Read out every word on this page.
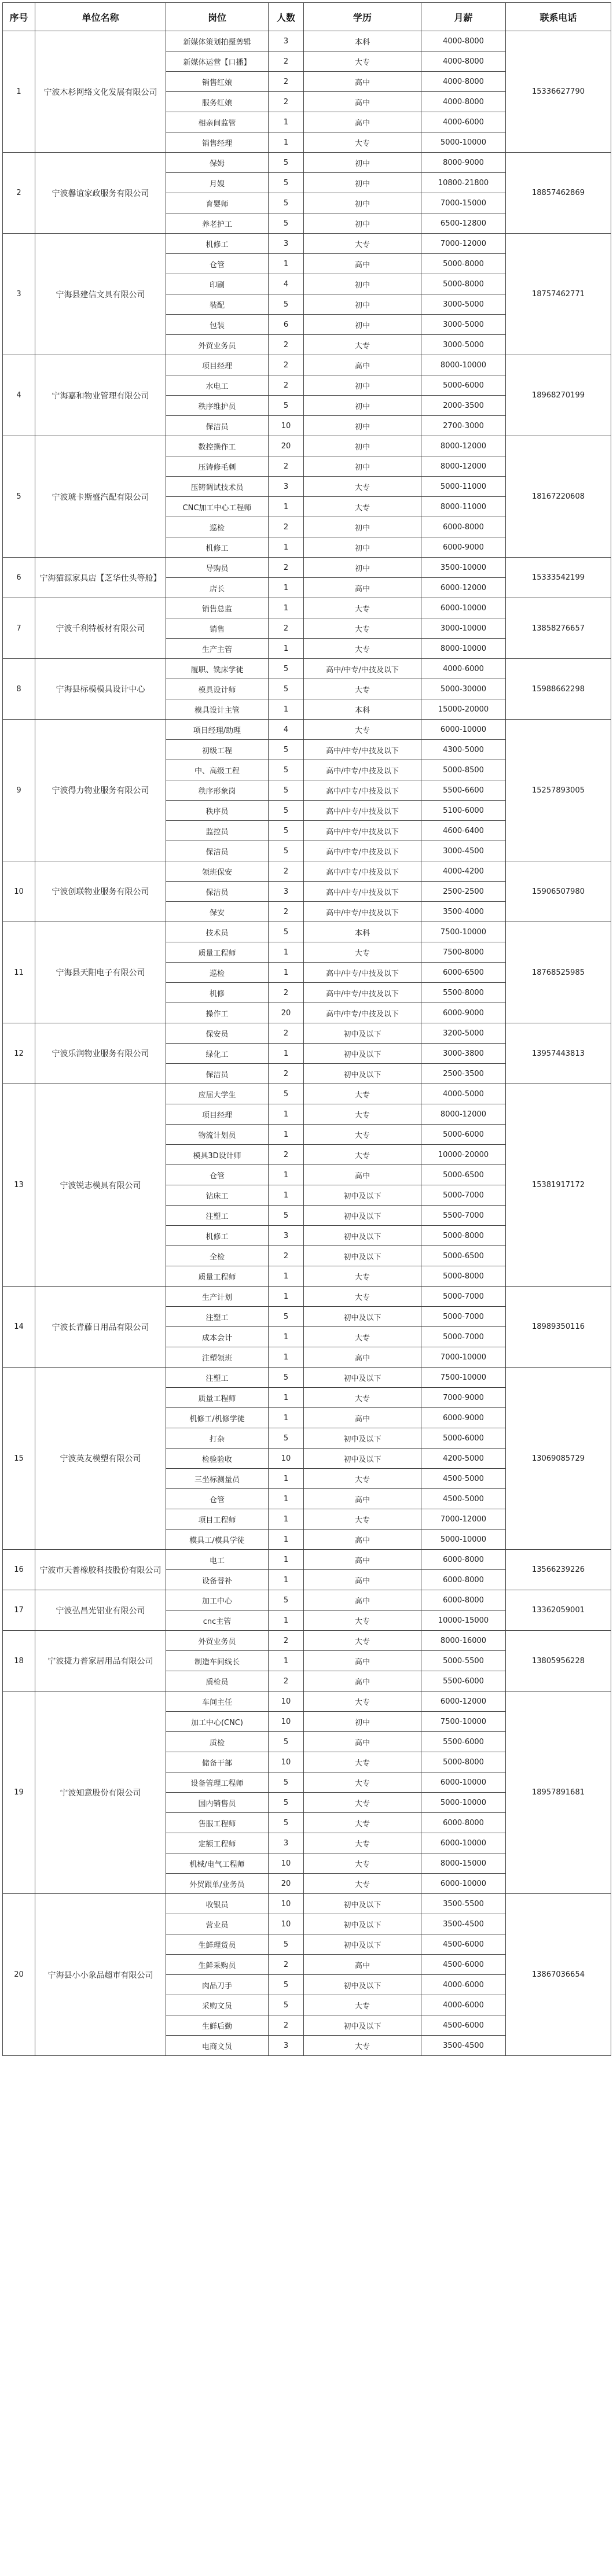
序号	单位名称	岗位	人数	学历	月薪	联系电话
1	宁波木杉网络文化发展有限公司	新媒体策划拍摄剪辑	3	本科	4000-8000	15336627790
		新媒体运营【口播】	2	大专	4000-8000	
		销售红娘	2	高中	4000-8000	
		服务红娘	2	高中	4000-8000	
		相亲间监管	1	高中	4000-6000	
		销售经理	1	大专	5000-10000	
2	宁波馨谊家政服务有限公司	保姆	5	初中	8000-9000	18857462869
		月嫂	5	初中	10800-21800	
		育婴师	5	初中	7000-15000	
		养老护工	5	初中	6500-12800	
3	宁海县建信文具有限公司	机修工	3	大专	7000-12000	18757462771
		仓管	1	高中	5000-8000	
		印刷	4	初中	5000-8000	
		装配	5	初中	3000-5000	
		包装	6	初中	3000-5000	
		外贸业务员	2	大专	3000-5000	
4	宁海嘉和物业管理有限公司	项目经理	2	高中	8000-10000	18968270199
		水电工	2	初中	5000-6000	
		秩序维护员	5	初中	2000-3500	
		保洁员	10	初中	2700-3000	
5	宁波琥卡斯盛汽配有限公司	数控操作工	20	初中	8000-12000	18167220608
		压铸修毛刺	2	初中	8000-12000	
		压铸调试技术员	3	大专	5000-11000	
		CNC加工中心工程师	1	大专	8000-11000	
		巡检	2	初中	6000-8000	
		机修工	1	初中	6000-9000	
6	宁海猫源家具店【芝华仕头等舱】	导购员	2	初中	3500-10000	15333542199
		店长	1	高中	6000-12000	
7	宁波千利特板材有限公司	销售总监	1	大专	6000-10000	13858276657
		销售	2	大专	3000-10000	
		生产主管	1	大专	8000-10000	
8	宁海县标模模具设计中心	履职、铣床学徒	5	高中/中专/中技及以下	4000-6000	15988662298
		模具设计师	5	大专	5000-30000	
		模具设计主管	1	本科	15000-20000	
9	宁波得力物业服务有限公司	项目经理/助理	4	大专	6000-10000	15257893005
		初级工程	5	高中/中专/中技及以下	4300-5000	
		中、高级工程	5	高中/中专/中技及以下	5000-8500	
		秩序形象岗	5	高中/中专/中技及以下	5500-6600	
		秩序员	5	高中/中专/中技及以下	5100-6000	
		监控员	5	高中/中专/中技及以下	4600-6400	
		保洁员	5	高中/中专/中技及以下	3000-4500	
10	宁波创联物业服务有限公司	领班保安	2	高中/中专/中技及以下	4000-4200	15906507980
		保洁员	3	高中/中专/中技及以下	2500-2500	
		保安	2	高中/中专/中技及以下	3500-4000	
11	宁海县天阳电子有限公司	技术员	5	本科	7500-10000	18768525985
		质量工程师	1	大专	7500-8000	
		巡检	1	高中/中专/中技及以下	6000-6500	
		机修	2	高中/中专/中技及以下	5500-8000	
		操作工	20	高中/中专/中技及以下	6000-9000	
12	宁波乐润物业服务有限公司	保安员	2	初中及以下	3200-5000	13957443813
		绿化工	1	初中及以下	3000-3800	
		保洁员	2	初中及以下	2500-3500	
13	宁波锐志模具有限公司	应届大学生	5	大专	4000-5000	15381917172
		项目经理	1	大专	8000-12000	
		物流计划员	1	大专	5000-6000	
		模具3D设计师	2	大专	10000-20000	
		仓管	1	高中	5000-6500	
		钻床工	1	初中及以下	5000-7000	
		注塑工	5	初中及以下	5500-7000	
		机修工	3	初中及以下	5000-8000	
		全检	2	初中及以下	5000-6500	
		质量工程师	1	大专	5000-8000	
14	宁波长青藤日用品有限公司	生产计划	1	大专	5000-7000	18989350116
		注塑工	5	初中及以下	5000-7000	
		成本会计	1	大专	5000-7000	
		注塑领班	1	高中	7000-10000	
15	宁波英友模塑有限公司	注塑工	5	初中及以下	7500-10000	13069085729
		质量工程师	1	大专	7000-9000	
		机修工/机修学徒	1	高中	6000-9000	
		打杂	5	初中及以下	5000-6000	
		检验验收	10	初中及以下	4200-5000	
		三坐标测量员	1	大专	4500-5000	
		仓管	1	高中	4500-5000	
		项目工程师	1	大专	7000-12000	
		模具工/模具学徒	1	高中	5000-10000	
16	宁波市天普橡胶科技股份有限公司	电工	1	高中	6000-8000	13566239226
		设备替补	1	高中	6000-8000	
17	宁波弘昌光铝业有限公司	加工中心	5	高中	6000-8000	13362059001
		cnc主管	1	大专	10000-15000	
18	宁波捷力普家居用品有限公司	外贸业务员	2	大专	8000-16000	13805956228
		制造车间线长	1	高中	5000-5500	
		质检员	2	高中	5500-6000	
19	宁波知意股份有限公司	车间主任	10	大专	6000-12000	18957891681
		加工中心(CNC)	10	初中	7500-10000	
		质检	5	高中	5500-6000	
		储备干部	10	大专	5000-8000	
		设备管理工程师	5	大专	6000-10000	
		国内销售员	5	大专	5000-10000	
		售服工程师	5	大专	6000-8000	
		定额工程师	3	大专	6000-10000	
		机械/电气工程师	10	大专	8000-15000	
		外贸跟单/业务员	20	大专	6000-10000	
20	宁海县小小象品超市有限公司	收银员	10	初中及以下	3500-5500	13867036654
		营业员	10	初中及以下	3500-4500	
		生鲜理货员	5	初中及以下	4500-6000	
		生鲜采购员	2	高中	4500-6000	
		肉品刀手	5	初中及以下	4000-6000	
		采购文员	5	大专	4000-6000	
		生鲜后勤	2	初中及以下	4500-6000	
		电商文员	3	大专	3500-4500	
